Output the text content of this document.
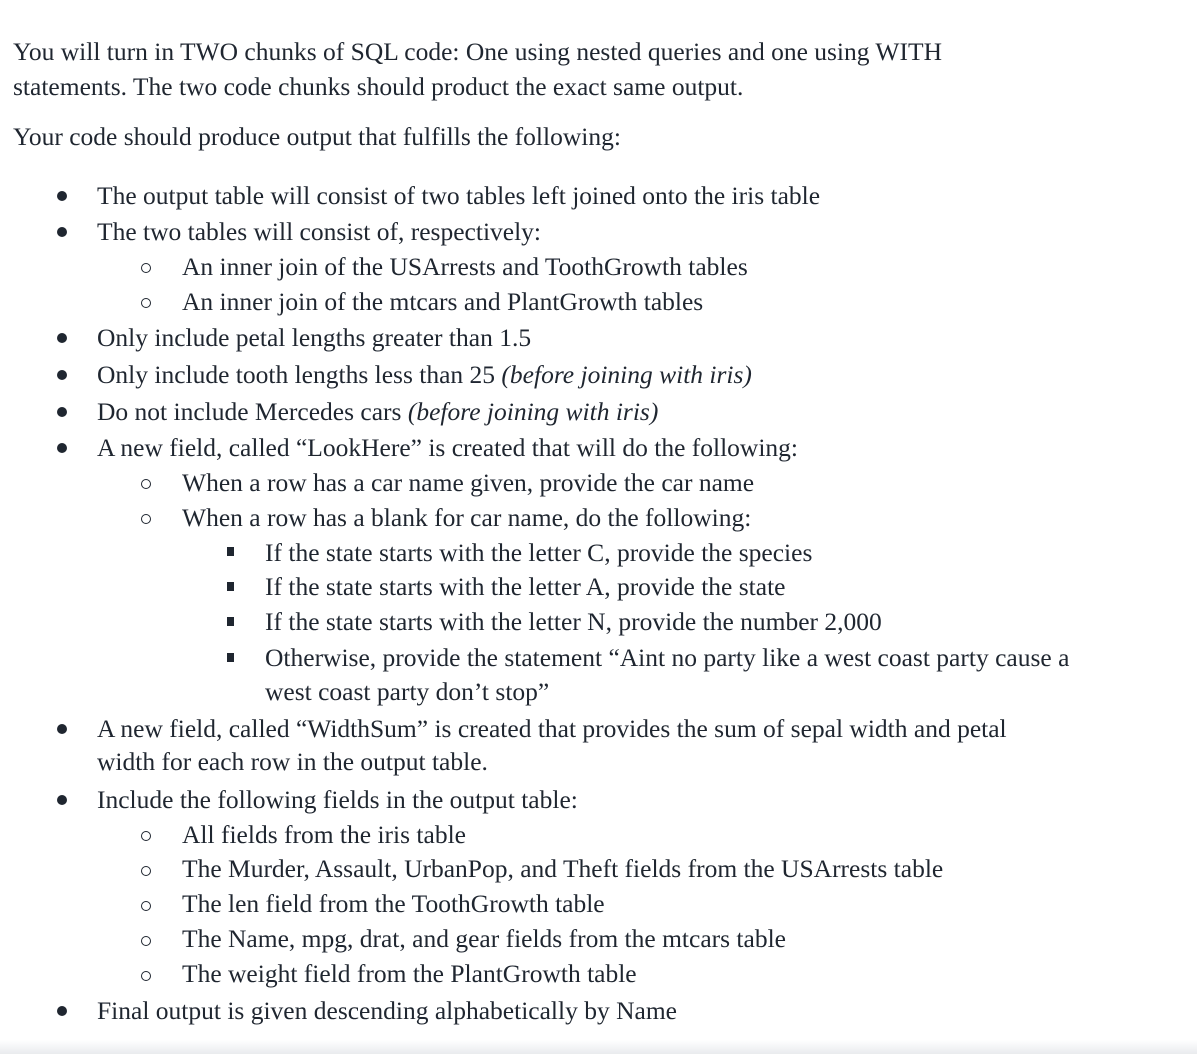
You will turn in TWO chunks of SQL code: One using nested queries and one using WITH
statements. The two code chunks should product the exact same output.

Your code should produce output that fulfills the following:

The output table will consist of two tables left joined onto the iris table
The two tables will consist of, respectively:
An inner join of the USArrests and ToothGrowth tables
An inner join of the mtcars and PlantGrowth tables
Only include petal lengths greater than 1.5
Only include tooth lengths less than 25 (before joining with iris)
Do not include Mercedes cars (before joining with iris)
A new field, called “LookHere” is created that will do the following:
When a row has a car name given, provide the car name
When a row has a blank for car name, do the following:
If the state starts with the letter C, provide the species
If the state starts with the letter A, provide the state
If the state starts with the letter N, provide the number 2,000
Otherwise, provide the statement “Aint no party like a west coast party cause a
west coast party don’t stop”
A new field, called “WidthSum” is created that provides the sum of sepal width and petal
width for each row in the output table.
Include the following fields in the output table:
All fields from the iris table
The Murder, Assault, UrbanPop, and Theft fields from the USArrests table
The len field from the ToothGrowth table
The Name, mpg, drat, and gear fields from the mtcars table
The weight field from the PlantGrowth table
Final output is given descending alphabetically by Name
